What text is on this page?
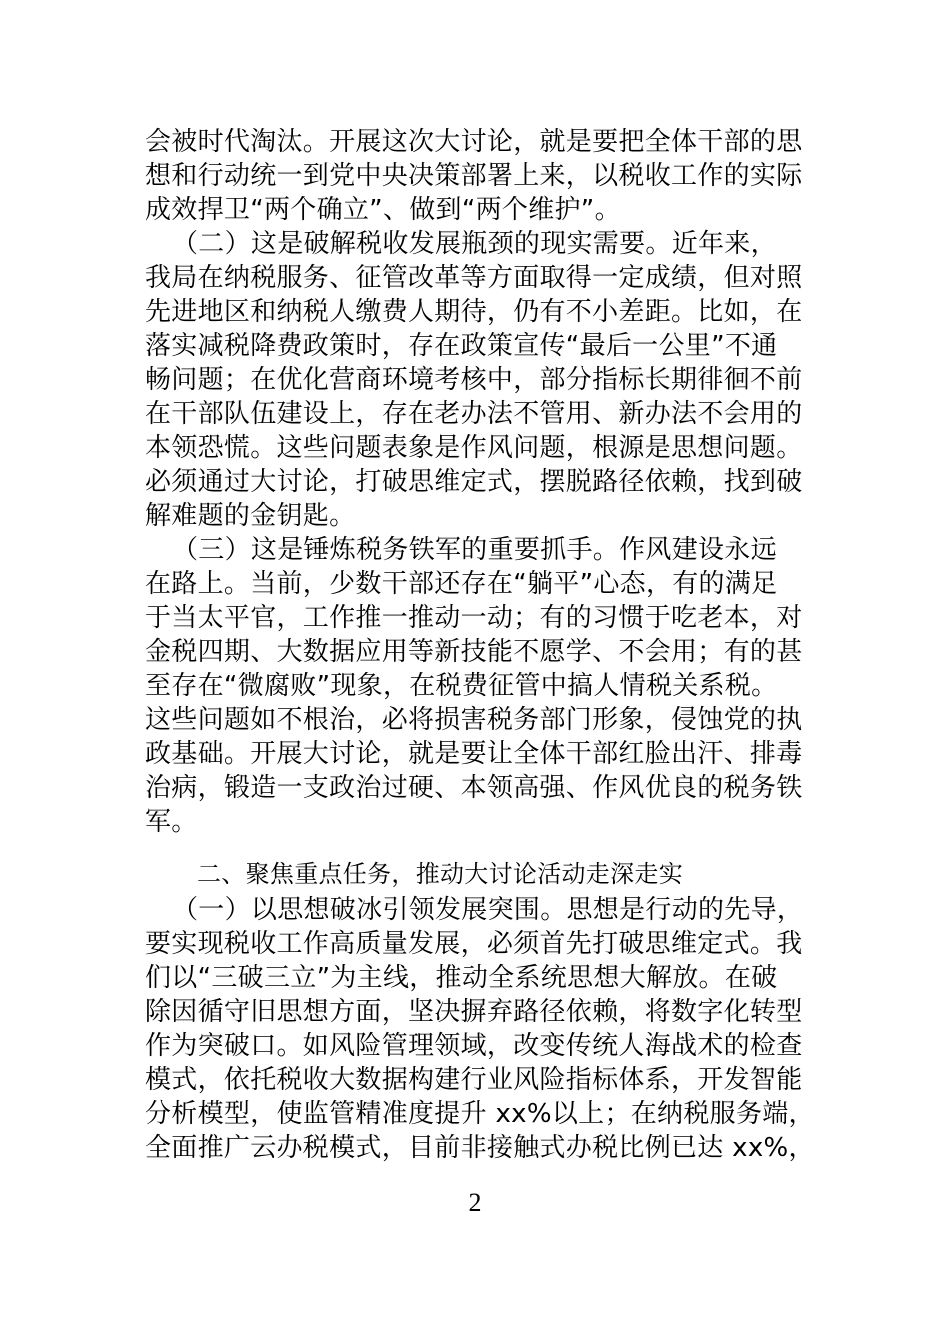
会被时代淘汰。开展这次大讨论，就是要把全体干部的思
想和行动统一到党中央决策部署上来，以税收工作的实际
成效捍卫“两个确立”、做到“两个维护”。
（二）这是破解税收发展瓶颈的现实需要。近年来，
我局在纳税服务、征管改革等方面取得一定成绩，但对照
先进地区和纳税人缴费人期待，仍有不小差距。比如，在
落实减税降费政策时，存在政策宣传“最后一公里”不通
畅问题；在优化营商环境考核中，部分指标长期徘徊不前
在干部队伍建设上，存在老办法不管用、新办法不会用的
本领恐慌。这些问题表象是作风问题，根源是思想问题。
必须通过大讨论，打破思维定式，摆脱路径依赖，找到破
解难题的金钥匙。
（三）这是锤炼税务铁军的重要抓手。作风建设永远
在路上。当前，少数干部还存在“躺平”心态，有的满足
于当太平官，工作推一推动一动；有的习惯于吃老本，对
金税四期、大数据应用等新技能不愿学、不会用；有的甚
至存在“微腐败”现象，在税费征管中搞人情税关系税。
这些问题如不根治，必将损害税务部门形象，侵蚀党的执
政基础。开展大讨论，就是要让全体干部红脸出汗、排毒
治病，锻造一支政治过硬、本领高强、作风优良的税务铁
军。
二、聚焦重点任务，推动大讨论活动走深走实
（一）以思想破冰引领发展突围。思想是行动的先导，
要实现税收工作高质量发展，必须首先打破思维定式。我
们以“三破三立”为主线，推动全系统思想大解放。在破
除因循守旧思想方面，坚决摒弃路径依赖，将数字化转型
作为突破口。如风险管理领域，改变传统人海战术的检查
模式，依托税收大数据构建行业风险指标体系，开发智能
分析模型，使监管精准度提升 xx%以上；在纳税服务端，
全面推广云办税模式，目前非接触式办税比例已达 xx%，
2
